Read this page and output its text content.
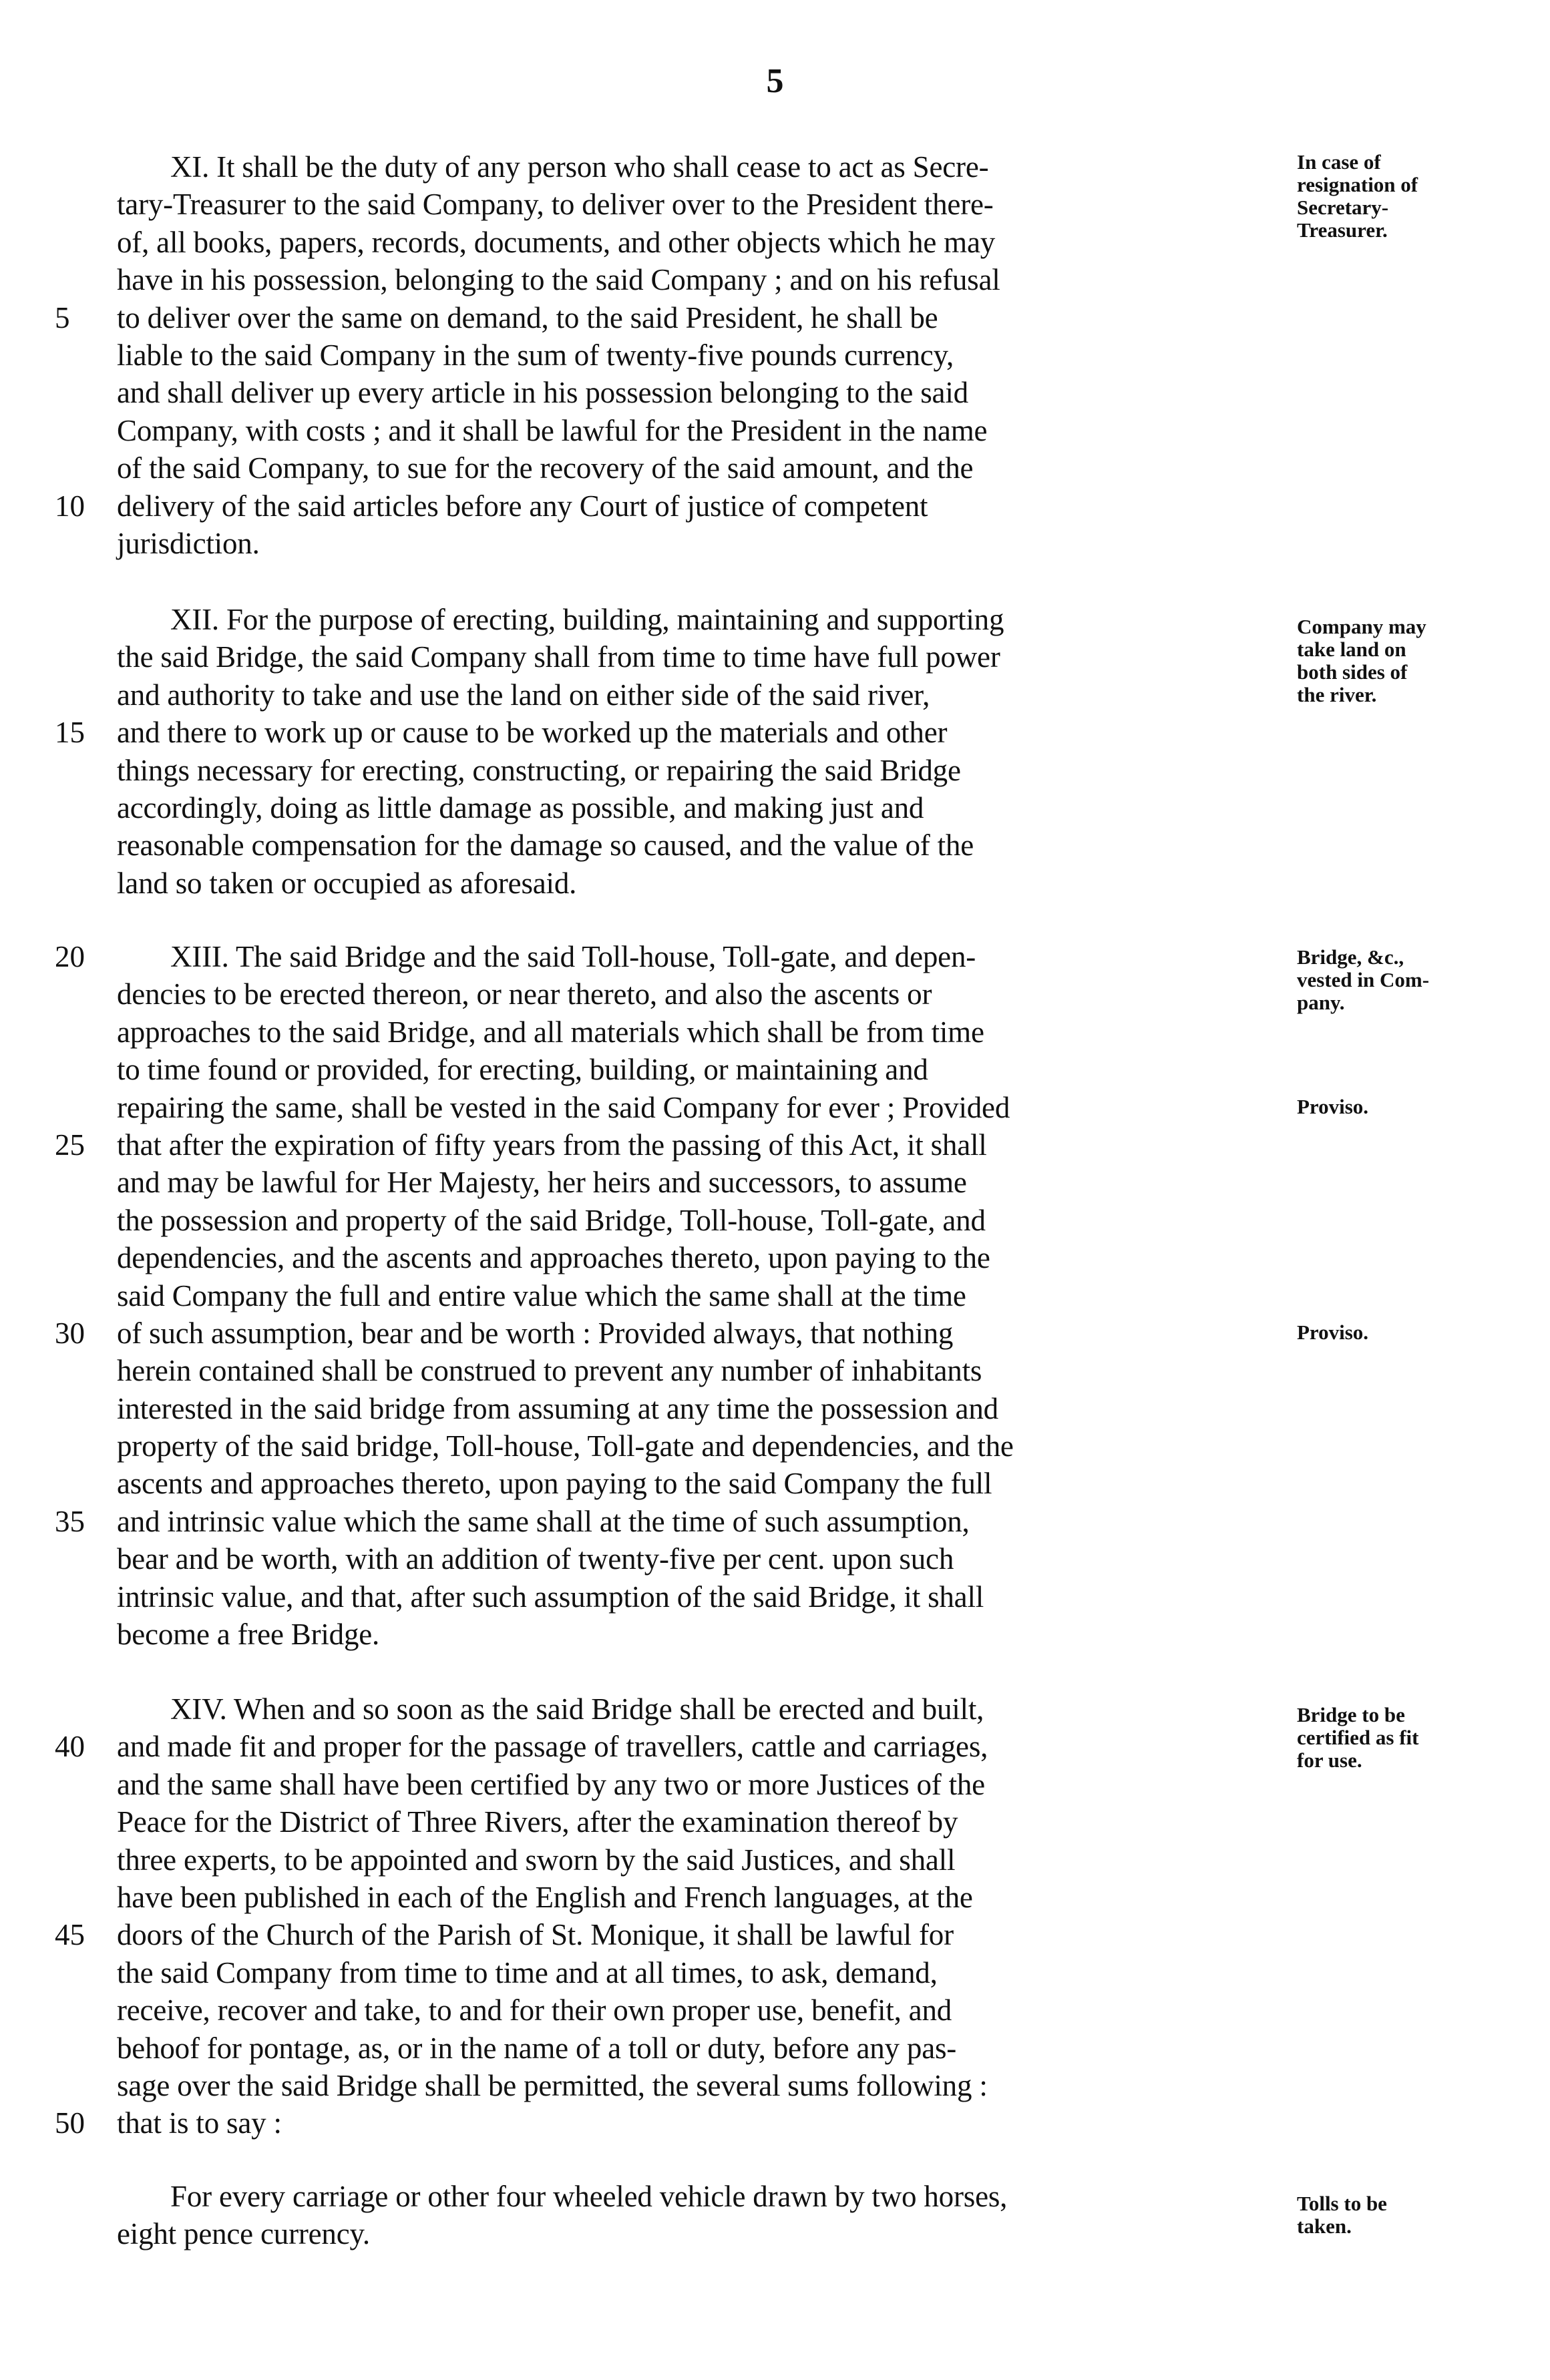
5
XI. It shall be the duty of any person who shall cease to act as Secre-
tary-Treasurer to the said Company, to deliver over to the President there-
of, all books, papers, records, documents, and other objects which he may
have in his possession, belonging to the said Company ; and on his refusal
5	to deliver over the same on demand, to the said President, he shall be
liable to the said Company in the sum of twenty-five pounds currency,
and shall deliver up every article in his possession belonging to the said
Company, with costs ; and it shall be lawful for the President in the name
of the said Company, to sue for the recovery of the said amount, and the
10	delivery of the said articles before any Court of justice of competent
jurisdiction.
In case of
resignation of
Secretary-
Treasurer.
XII. For the purpose of erecting, building, maintaining and supporting
the said Bridge, the said Company shall from time to time have full power
and authority to take and use the land on either side of the said river,
15	and there to work up or cause to be worked up the materials and other
things necessary for erecting, constructing, or repairing the said Bridge
accordingly, doing as little damage as possible, and making just and
reasonable compensation for the damage so caused, and the value of the
land so taken or occupied as aforesaid.
Company may
take land on
both sides of
the river.
20	XIII. The said Bridge and the said Toll-house, Toll-gate, and depen-
dencies to be erected thereon, or near thereto, and also the ascents or
approaches to the said Bridge, and all materials which shall be from time
to time found or provided, for erecting, building, or maintaining and
repairing the same, shall be vested in the said Company for ever ; Provided
25	that after the expiration of fifty years from the passing of this Act, it shall
and may be lawful for Her Majesty, her heirs and successors, to assume
the possession and property of the said Bridge, Toll-house, Toll-gate, and
dependencies, and the ascents and approaches thereto, upon paying to the
said Company the full and entire value which the same shall at the time
30	of such assumption, bear and be worth : Provided always, that nothing
herein contained shall be construed to prevent any number of inhabitants
interested in the said bridge from assuming at any time the possession and
property of the said bridge, Toll-house, Toll-gate and dependencies, and the
ascents and approaches thereto, upon paying to the said Company the full
35	and intrinsic value which the same shall at the time of such assumption,
bear and be worth, with an addition of twenty-five per cent. upon such
intrinsic value, and that, after such assumption of the said Bridge, it shall
become a free Bridge.
Bridge, &c.,
vested in Com-
pany.
Proviso.
Proviso.
XIV. When and so soon as the said Bridge shall be erected and built,
40	and made fit and proper for the passage of travellers, cattle and carriages,
and the same shall have been certified by any two or more Justices of the
Peace for the District of Three Rivers, after the examination thereof by
three experts, to be appointed and sworn by the said Justices, and shall
have been published in each of the English and French languages, at the
45	doors of the Church of the Parish of St. Monique, it shall be lawful for
the said Company from time to time and at all times, to ask, demand,
receive, recover and take, to and for their own proper use, benefit, and
behoof for pontage, as, or in the name of a toll or duty, before any pas-
sage over the said Bridge shall be permitted, the several sums following :
50	that is to say :
Bridge to be
certified as fit
for use.
For every carriage or other four wheeled vehicle drawn by two horses,
eight pence currency.
Tolls to be
taken.
